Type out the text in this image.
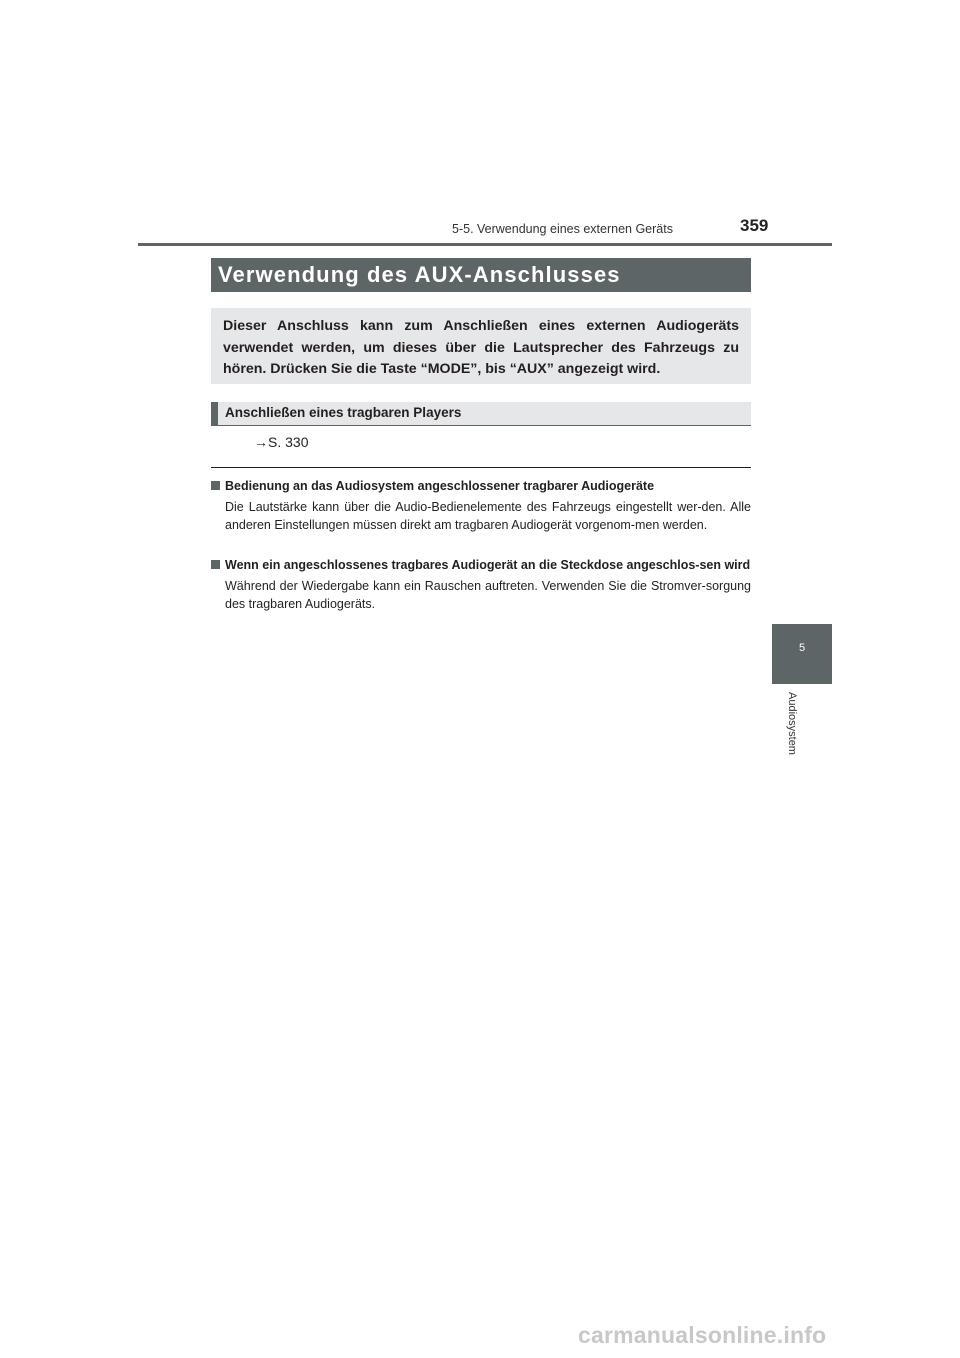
5-5. Verwendung eines externen Geräts	359
Verwendung des AUX-Anschlusses
Dieser Anschluss kann zum Anschließen eines externen Audiogeräts verwendet werden, um dieses über die Lautsprecher des Fahrzeugs zu hören. Drücken Sie die Taste “MODE”, bis “AUX” angezeigt wird.
Anschließen eines tragbaren Players
→S. 330
Bedienung an das Audiosystem angeschlossener tragbarer Audiogeräte
Die Lautstärke kann über die Audio-Bedienelemente des Fahrzeugs eingestellt wer-den. Alle anderen Einstellungen müssen direkt am tragbaren Audiogerät vorgenom-men werden.
Wenn ein angeschlossenes tragbares Audiogerät an die Steckdose angeschlos-sen wird
Während der Wiedergabe kann ein Rauschen auftreten. Verwenden Sie die Stromver-sorgung des tragbaren Audiogeräts.
5
Audiosystem
carmanualsonline.info
